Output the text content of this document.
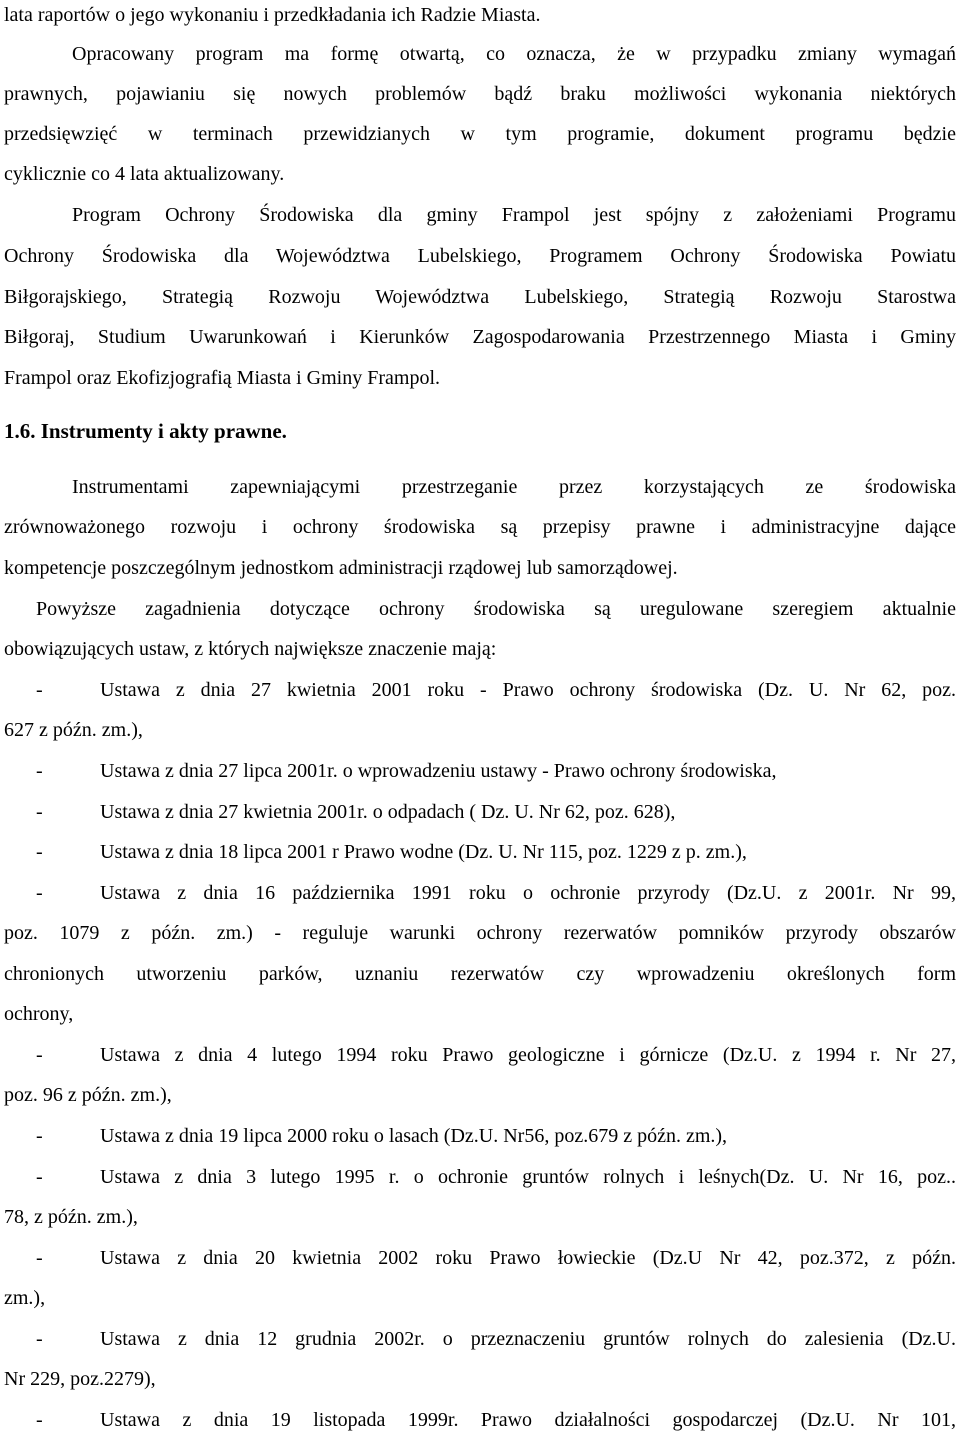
lata raportów o jego wykonaniu i przedkładania ich Radzie Miasta.
Opracowany program ma formę otwartą, co oznacza, że w przypadku zmiany wymagań
prawnych, pojawianiu się nowych problemów bądź braku możliwości wykonania niektórych
przedsięwzięć w terminach przewidzianych w tym programie, dokument programu będzie
cyklicznie co 4 lata aktualizowany.
Program Ochrony Środowiska dla gminy Frampol jest spójny z założeniami Programu
Ochrony Środowiska dla Województwa Lubelskiego, Programem Ochrony Środowiska Powiatu
Biłgorajskiego, Strategią Rozwoju Województwa Lubelskiego, Strategią Rozwoju Starostwa
Biłgoraj, Studium Uwarunkowań i Kierunków Zagospodarowania Przestrzennego Miasta i Gminy
Frampol oraz Ekofizjografią Miasta i Gminy Frampol.
1.6. Instrumenty i akty prawne.
Instrumentami zapewniającymi przestrzeganie przez korzystających ze środowiska
zrównoważonego rozwoju i ochrony środowiska są przepisy prawne i administracyjne dające
kompetencje poszczególnym jednostkom administracji rządowej lub samorządowej.
Powyższe zagadnienia dotyczące ochrony środowiska są uregulowane szeregiem aktualnie
obowiązujących ustaw, z których największe znaczenie mają:
-	Ustawa z dnia 27 kwietnia 2001 roku - Prawo ochrony środowiska (Dz. U. Nr 62, poz.
627 z późn. zm.),
-	Ustawa z dnia 27 lipca 2001r. o wprowadzeniu ustawy - Prawo ochrony środowiska,
-	Ustawa z dnia 27 kwietnia 2001r. o odpadach ( Dz. U. Nr 62, poz. 628),
-	Ustawa z dnia 18 lipca 2001 r Prawo wodne (Dz. U. Nr 115, poz. 1229 z p. zm.),
-	Ustawa z dnia 16 października 1991 roku o ochronie przyrody (Dz.U. z 2001r. Nr 99,
poz. 1079 z późn. zm.) - reguluje warunki ochrony rezerwatów pomników przyrody obszarów
chronionych utworzeniu parków, uznaniu rezerwatów czy wprowadzeniu określonych form
ochrony,
-	Ustawa z dnia 4 lutego 1994 roku Prawo geologiczne i górnicze (Dz.U. z 1994 r. Nr 27,
poz. 96 z późn. zm.),
-	Ustawa z dnia 19 lipca 2000 roku o lasach (Dz.U. Nr56, poz.679 z późn. zm.),
-	Ustawa z dnia 3 lutego 1995 r. o ochronie gruntów rolnych i leśnych(Dz. U. Nr 16, poz..
78, z późn. zm.),
-	Ustawa z dnia 20 kwietnia 2002 roku Prawo łowieckie (Dz.U Nr 42, poz.372, z późn.
zm.),
-	Ustawa z dnia 12 grudnia 2002r. o przeznaczeniu gruntów rolnych do zalesienia (Dz.U.
Nr 229, poz.2279),
-	Ustawa z dnia 19 listopada 1999r. Prawo działalności gospodarczej (Dz.U. Nr 101,
